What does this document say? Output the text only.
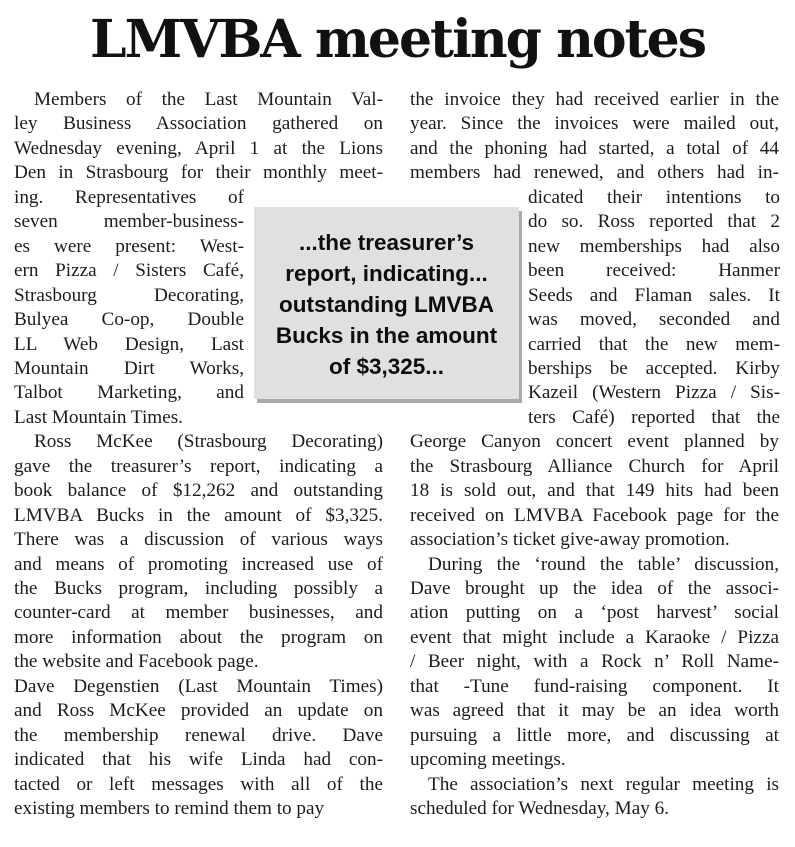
LMVBA meeting notes
Members of the Last Mountain Val-
ley Business Association gathered on
Wednesday evening, April 1 at the Lions
Den in Strasbourg for their monthly meet-
ing. Representatives of
seven member-business-
es were present: West-
ern Pizza / Sisters Café,
Strasbourg Decorating,
Bulyea Co-op, Double
LL Web Design, Last
Mountain Dirt Works,
Talbot Marketing, and
Last Mountain Times.
Ross McKee (Strasbourg Decorating)
gave the treasurer’s report, indicating a
book balance of $12,262 and outstanding
LMVBA Bucks in the amount of $3,325.
There was a discussion of various ways
and means of promoting increased use of
the Bucks program, including possibly a
counter-card at member businesses, and
more information about the program on
the website and Facebook page.
Dave Degenstien (Last Mountain Times)
and Ross McKee provided an update on
the membership renewal drive. Dave
indicated that his wife Linda had con-
tacted or left messages with all of the
existing members to remind them to pay
the invoice they had received earlier in the
year. Since the invoices were mailed out,
and the phoning had started, a total of 44
members had renewed, and others had in-
dicated their intentions to
do so. Ross reported that 2
new memberships had also
been received: Hanmer
Seeds and Flaman sales. It
was moved, seconded and
carried that the new mem-
berships be accepted. Kirby
Kazeil (Western Pizza / Sis-
ters Café) reported that the
George Canyon concert event planned by
the Strasbourg Alliance Church for April
18 is sold out, and that 149 hits had been
received on LMVBA Facebook page for the
association’s ticket give-away promotion.
During the ‘round the table’ discussion,
Dave brought up the idea of the associ-
ation putting on a ‘post harvest’ social
event that might include a Karaoke / Pizza
/ Beer night, with a Rock n’ Roll Name-
that -Tune fund-raising component. It
was agreed that it may be an idea worth
pursuing a little more, and discussing at
upcoming meetings.
The association’s next regular meeting is
scheduled for Wednesday, May 6.
...the treasurer’s
report, indicating...
outstanding LMVBA
Bucks in the amount
of $3,325...
